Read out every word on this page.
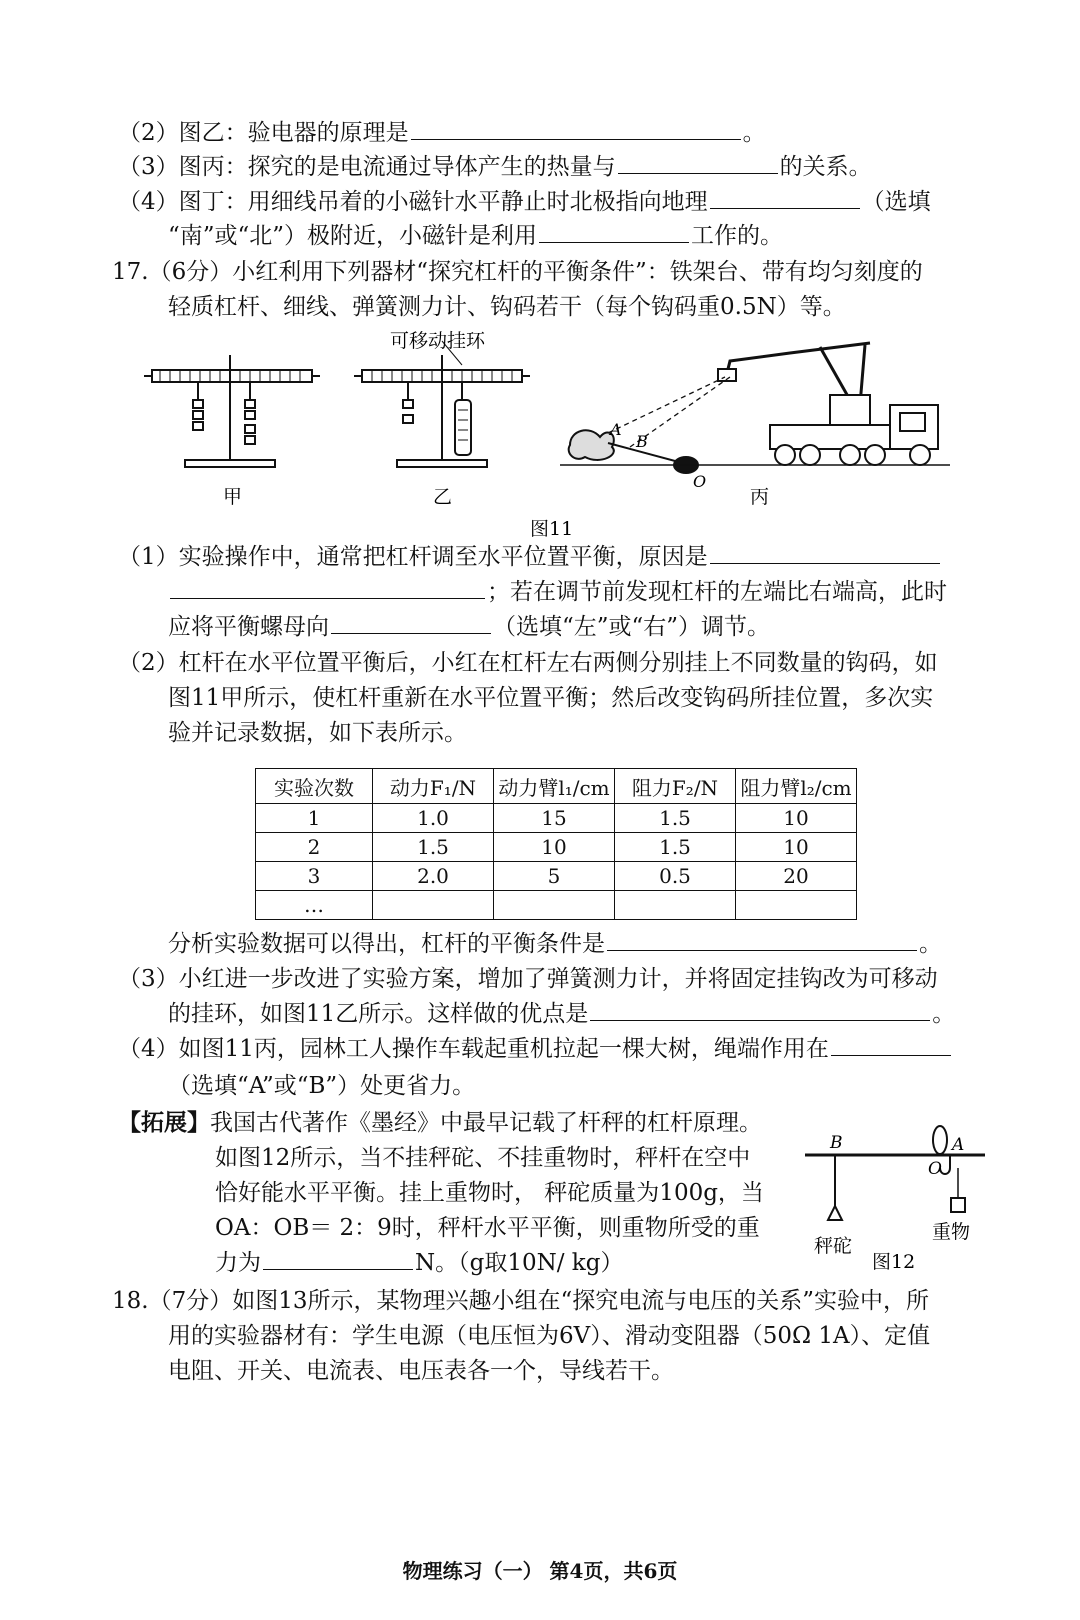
（2）图乙：验电器的原理是	。
（3）图丙：探究的是电流通过导体产生的热量与	的关系。
（4）图丁：用细线吊着的小磁针水平静止时北极指向地理	（选填
“南”或“北”）极附近，小磁针是利用	工作的。
17.（6分）小红利用下列器材“探究杠杆的平衡条件”：铁架台、带有均匀刻度的
轻质杠杆、细线、弹簧测力计、钩码若干（每个钩码重0.5N）等。
A
B
O
可移动挂环
甲	乙	丙
图11
（1）实验操作中，通常把杠杆调至水平位置平衡，原因是
；若在调节前发现杠杆的左端比右端高，此时
应将平衡螺母向	（选填“左”或“右”）调节。
（2）杠杆在水平位置平衡后，小红在杠杆左右两侧分别挂上不同数量的钩码，如
图11甲所示，使杠杆重新在水平位置平衡；然后改变钩码所挂位置，多次实
验并记录数据，如下表所示。
实验次数	动力F₁/N	动力臂l₁/cm	阻力F₂/N	阻力臂l₂/cm
1	1.0	15	1.5	10
2	1.5	10	1.5	10
3	2.0	5	0.5	20
…				
分析实验数据可以得出，杠杆的平衡条件是	。
（3）小红进一步改进了实验方案，增加了弹簧测力计，并将固定挂钩改为可移动
的挂环，如图11乙所示。这样做的优点是	。
（4）如图11丙，园林工人操作车载起重机拉起一棵大树，绳端作用在
（选填“A”或“B”）处更省力。
【拓展】我国古代著作《墨经》中最早记载了杆秤的杠杆原理。
如图12所示，当不挂秤砣、不挂重物时，秤杆在空中
恰好能水平平衡。挂上重物时， 秤砣质量为100g，当
OA：OB＝ 2：9时，秤杆水平平衡，则重物所受的重
力为	N。（g取10N/ kg）
B	A
O
秤砣
重物
图12
18.（7分）如图13所示，某物理兴趣小组在“探究电流与电压的关系”实验中，所
用的实验器材有：学生电源（电压恒为6V）、滑动变阻器（50Ω 1A）、定值
电阻、开关、电流表、电压表各一个，导线若干。
物理练习（一） 第4页，共6页
